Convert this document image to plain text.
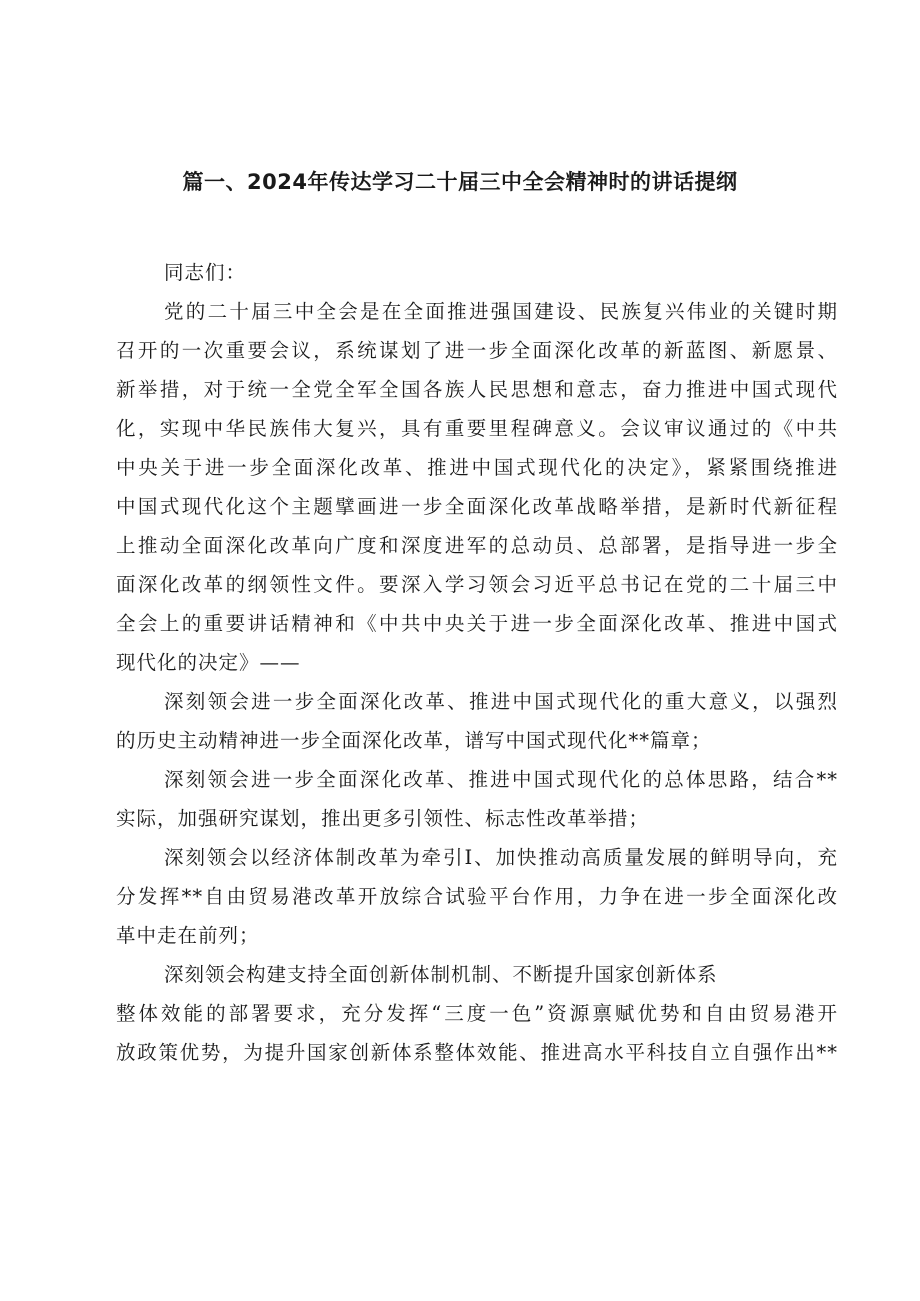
篇一、2024年传达学习二十届三中全会精神时的讲话提纲
同志们：
党的二十届三中全会是在全面推进强国建设、民族复兴伟业的关键时期
召开的一次重要会议，系统谋划了进一步全面深化改革的新蓝图、新愿景、
新举措，对于统一全党全军全国各族人民思想和意志，奋力推进中国式现代
化，实现中华民族伟大复兴，具有重要里程碑意义。会议审议通过的《中共
中央关于进一步全面深化改革、推进中国式现代化的决定》，紧紧围绕推进
中国式现代化这个主题擘画进一步全面深化改革战略举措，是新时代新征程
上推动全面深化改革向广度和深度进军的总动员、总部署，是指导进一步全
面深化改革的纲领性文件。要深入学习领会习近平总书记在党的二十届三中
全会上的重要讲话精神和《中共中央关于进一步全面深化改革、推进中国式
现代化的决定》——
深刻领会进一步全面深化改革、推进中国式现代化的重大意义，以强烈
的历史主动精神进一步全面深化改革，谱写中国式现代化**篇章；
深刻领会进一步全面深化改革、推进中国式现代化的总体思路，结合**
实际，加强研究谋划，推出更多引领性、标志性改革举措；
深刻领会以经济体制改革为牵引I、加快推动高质量发展的鲜明导向，充
分发挥**自由贸易港改革开放综合试验平台作用，力争在进一步全面深化改
革中走在前列；
深刻领会构建支持全面创新体制机制、不断提升国家创新体系
整体效能的部署要求，充分发挥“三度一色”资源禀赋优势和自由贸易港开
放政策优势，为提升国家创新体系整体效能、推进高水平科技自立自强作出**
